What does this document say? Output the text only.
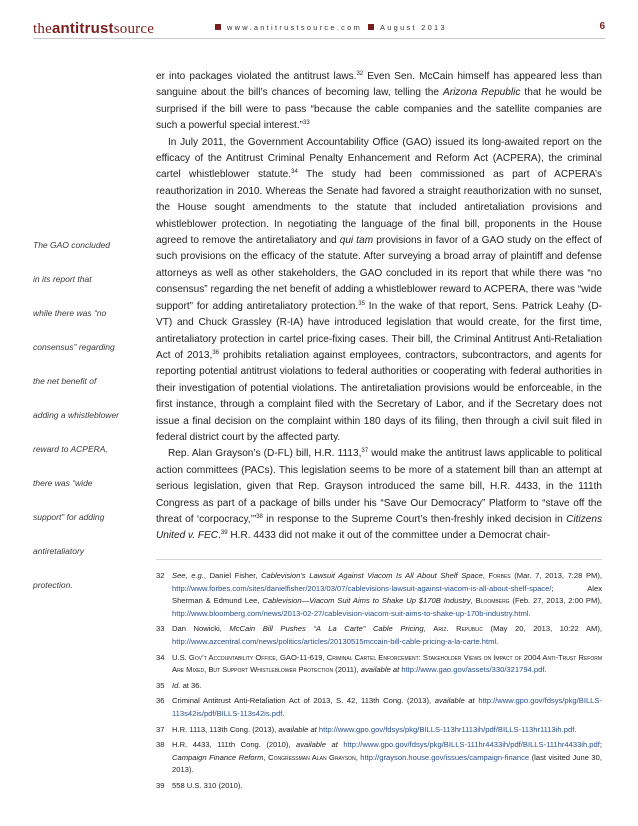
theantitrustsource	www.antitrustsource.com August 2013	6
The GAO concluded
in its report that
while there was “no
consensus” regarding
the net benefit of
adding a whistleblower
reward to ACPERA,
there was “wide
support” for adding
antiretaliatory
protection.

er into packages violated the antitrust laws.$^{32}$ Even Sen. McCain himself has appeared less than sanguine about the bill’s chances of becoming law, telling the Arizona Republic that he would be surprised if the bill were to pass “because the cable companies and the satellite companies are such a powerful special interest.”$^{33}$

In July 2011, the Government Accountability Office (GAO) issued its long-awaited report on the efficacy of the Antitrust Criminal Penalty Enhancement and Reform Act (ACPERA), the criminal cartel whistleblower statute.$^{34}$ The study had been commissioned as part of ACPERA’s reauthorization in 2010. Whereas the Senate had favored a straight reauthorization with no sunset, the House sought amendments to the statute that included antiretaliation provisions and whistleblower protection. In negotiating the language of the final bill, proponents in the House agreed to remove the antiretaliatory and qui tam provisions in favor of a GAO study on the effect of such provisions on the efficacy of the statute. After surveying a broad array of plaintiff and defense attorneys as well as other stakeholders, the GAO concluded in its report that while there was “no consensus” regarding the net benefit of adding a whistleblower reward to ACPERA, there was “wide support” for adding antiretaliatory protection.$^{35}$ In the wake of that report, Sens. Patrick Leahy (D-VT) and Chuck Grassley (R-IA) have introduced legislation that would create, for the first time, antiretaliatory protection in cartel price-fixing cases. Their bill, the Criminal Antitrust Anti-Retaliation Act of 2013,36 prohibits retaliation against employees, contractors, subcontractors, and agents for reporting potential antitrust violations to federal authorities or cooperating with federal authorities in their investigation of potential violations. The antiretaliation provisions would be enforceable, in the first instance, through a complaint filed with the Secretary of Labor, and if the Secretary does not issue a final decision on the complaint within 180 days of its filing, then through a civil suit filed in federal district court by the affected party.

Rep. Alan Grayson’s (D-FL) bill, H.R. 1113,37 would make the antitrust laws applicable to political action committees (PACs). This legislation seems to be more of a statement bill than an attempt at serious legislation, given that Rep. Grayson introduced the same bill, H.R. 4433, in the 111th Congress as part of a package of bills under his “Save Our Democracy” Platform to “stave off the threat of ‘corpocracy,’”$^{38}$ in response to the Supreme Court’s then-freshly inked decision in Citizens United v. FEC.$^{39}$ H.R. 4433 did not make it out of the committee under a Democrat chair-

32 See, e.g., Daniel Fisher, Cablevision’s Lawsuit Against Viacom Is All About Shelf Space, Forbes (Mar. 7, 2013, 7:28 PM), http://www.forbes.com/sites/danielfisher/2013/03/07/cablevisions-lawsuit-against-viacom-is-all-about-shelf-space/; Alex Sherman & Edmund Lee, Cablevision—Viacom Suit Aims to Shake Up $170B Industry, Bloomberg (Feb. 27, 2013, 2:00 PM), http://www.bloomberg.com/news/2013-02-27/cablevision-viacom-suit-aims-to-shake-up-170b-industry.html.
33 Dan Nowicki, McCain Bill Pushes “A La Carte” Cable Pricing, Ariz. Republic (May 20, 2013, 10:22 AM), http://www.azcentral.com/news/politics/articles/20130515mccain-bill-cable-pricing-a-la-carte.html.
34 U.S. Gov’t Accountability Office, GAO-11-619, Criminal Cartel Enforcement: Stakeholder Views on Impact of 2004 Anti-Trust Reform Are Mixed, But Support Whistleblower Protection (2011), available at http://www.gao.gov/assets/330/321794.pdf.
35 Id. at 36.
36 Criminal Antitrust Anti-Retaliation Act of 2013, S. 42, 113th Cong. (2013), available at http://www.gpo.gov/fdsys/pkg/BILLS-113s42is/pdf/BILLS-113s42is.pdf.
37 H.R. 1113, 113th Cong. (2013), available at http://www.gpo.gov/fdsys/pkg/BILLS-113hr1113ih/pdf/BILLS-113hr1113ih.pdf.
38 H.R. 4433, 111th Cong. (2010), available at http://www.gpo.gov/fdsys/pkg/BILLS-111hr4433ih/pdf/BILLS-111hr4433ih.pdf; Campaign Finance Reform, Congressman Alan Grayson, http://grayson.house.gov/issues/campaign-finance (last visited June 30, 2013).
39 558 U.S. 310 (2010).
